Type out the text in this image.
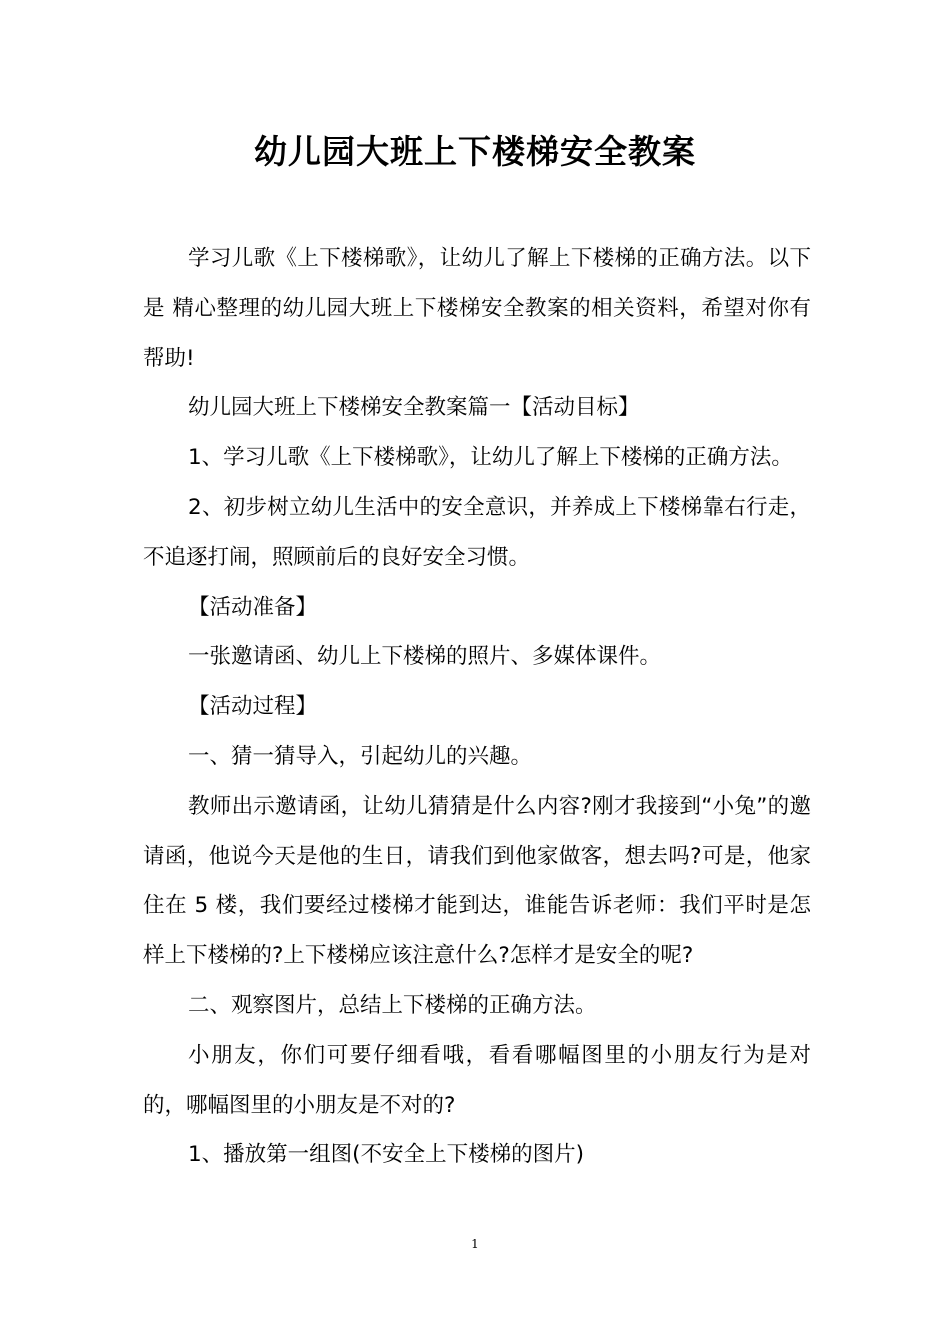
幼儿园大班上下楼梯安全教案

学习儿歌《上下楼梯歌》，让幼儿了解上下楼梯的正确方法。以下是 精心整理的幼儿园大班上下楼梯安全教案的相关资料，希望对你有帮助!

幼儿园大班上下楼梯安全教案篇一【活动目标】

1、学习儿歌《上下楼梯歌》，让幼儿了解上下楼梯的正确方法。

2、初步树立幼儿生活中的安全意识，并养成上下楼梯靠右行走，不追逐打闹，照顾前后的良好安全习惯。

【活动准备】

一张邀请函、幼儿上下楼梯的照片、多媒体课件。

【活动过程】

一、猜一猜导入，引起幼儿的兴趣。

教师出示邀请函，让幼儿猜猜是什么内容?刚才我接到“小兔”的邀请函，他说今天是他的生日，请我们到他家做客，想去吗?可是，他家住在 5 楼，我们要经过楼梯才能到达，谁能告诉老师：我们平时是怎样上下楼梯的?上下楼梯应该注意什么?怎样才是安全的呢?

二、观察图片，总结上下楼梯的正确方法。

小朋友，你们可要仔细看哦，看看哪幅图里的小朋友行为是对的，哪幅图里的小朋友是不对的?

1、播放第一组图(不安全上下楼梯的图片)

1
